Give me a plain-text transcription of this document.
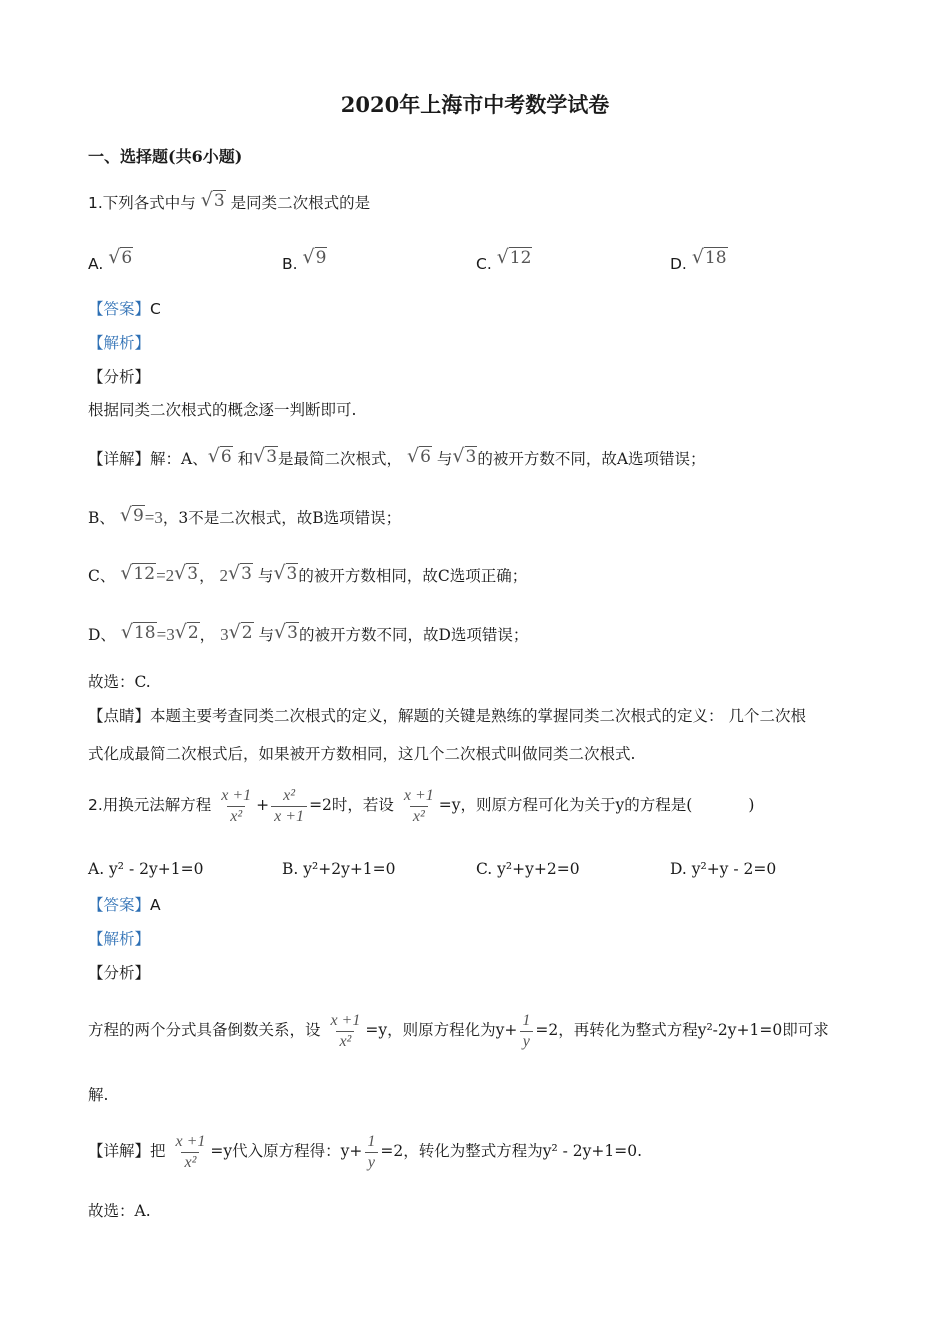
2020年上海市中考数学试卷
一、选择题(共6小题)
1.下列各式中与 √3 是同类二次根式的是
A. √6	B. √9	C. √12	D. √18
【答案】C
【解析】
【分析】
根据同类二次根式的概念逐一判断即可.
【详解】解：A、√6 和√3是最简二次根式， √6 与√3的被开方数不同，故A选项错误；
B、 √9=3，3不是二次根式，故B选项错误；
C、 √12=2√3， 2√3 与√3的被开方数相同，故C选项正确；
D、 √18=3√2， 3√2 与√3的被开方数不同，故D选项错误；
故选：C.
【点睛】本题主要考查同类二次根式的定义，解题的关键是熟练的掌握同类二次根式的定义： 几个二次根
式化成最简二次根式后，如果被开方数相同，这几个二次根式叫做同类二次根式.
2.用换元法解方程 $\frac{x +1}{\text{x²}} + \frac{\text{x²}}{x +1} =2$时，若设 $\frac{x +1}{\text{x²}} =y$，则原方程可化为关于y的方程是(	)
A. y² - 2y+1=0	B. y²+2y+1=0	C. y²+y+2=0	D. y²+y - 2=0
【答案】A
【解析】
【分析】
方程的两个分式具备倒数关系，设 $\frac{x +1}{\text{x²}} =y$，则原方程化为$y+ \frac{1}{y} =2$，再转化为整式方程y²-2y+1=0即可求
解.
【详解】把 $\frac{x +1}{\text{x²}} =y$代入原方程得：$y+ \frac{1}{y} =2$，转化为整式方程为y² - 2y+1=0.
故选：A.
